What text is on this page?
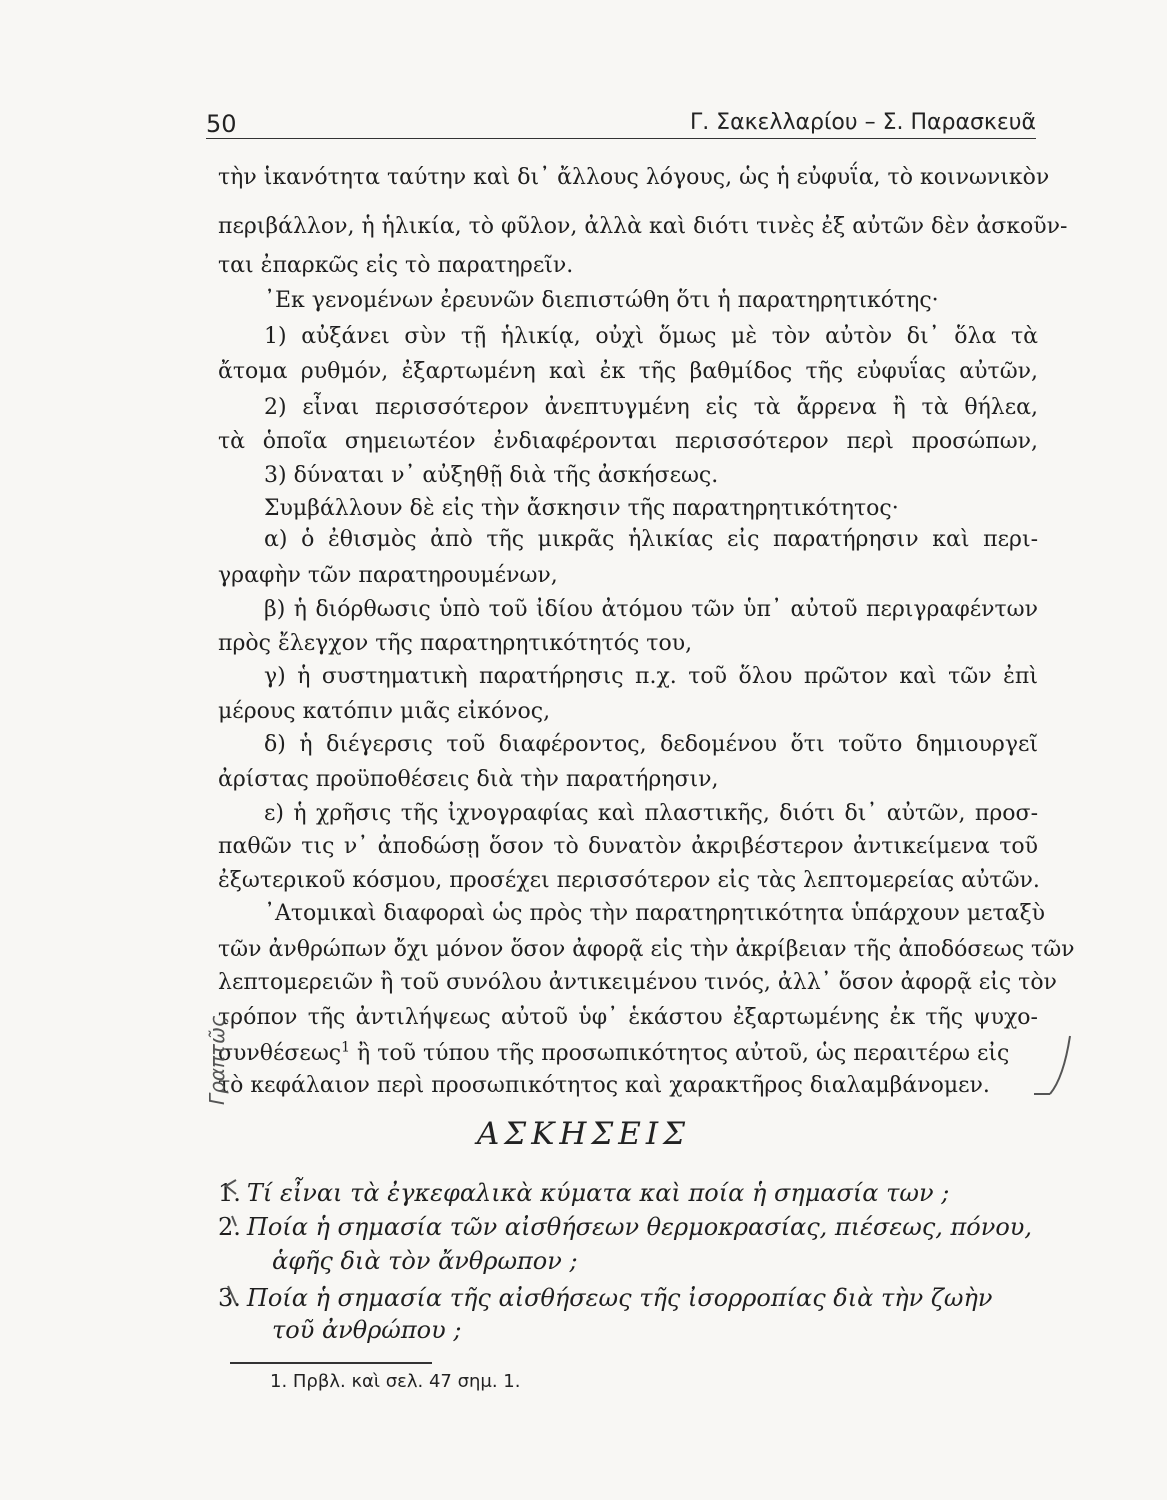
50	Γ. Σακελλαρίου – Σ. Παρασκευᾶ
τὴν ἱκανότητα ταύτην καὶ δι᾽ ἄλλους λόγους, ὡς ἡ εὐφυΐα, τὸ κοινωνικὸν
περιβάλλον, ἡ ἡλικία, τὸ φῦλον, ἀλλὰ καὶ διότι τινὲς ἐξ αὐτῶν δὲν ἀσκοῦν-
ται ἐπαρκῶς εἰς τὸ παρατηρεῖν.
᾽Εκ γενομένων ἐρευνῶν διεπιστώθη ὅτι ἡ παρατηρητικότης·
1) αὐξάνει σὺν τῇ ἡλικίᾳ, οὐχὶ ὅμως μὲ τὸν αὐτὸν δι᾽ ὅλα τὰ
ἄτομα ρυθμόν, ἐξαρτωμένη καὶ ἐκ τῆς βαθμίδος τῆς εὐφυΐας αὐτῶν,
2) εἶναι περισσότερον ἀνεπτυγμένη εἰς τὰ ἄρρενα ἢ τὰ θήλεα,
τὰ ὁποῖα σημειωτέον ἐνδιαφέρονται περισσότερον περὶ προσώπων,
3) δύναται ν᾽ αὐξηθῇ διὰ τῆς ἀσκήσεως.
Συμβάλλουν δὲ εἰς τὴν ἄσκησιν τῆς παρατηρητικότητος·
α) ὁ ἐθισμὸς ἀπὸ τῆς μικρᾶς ἡλικίας εἰς παρατήρησιν καὶ περι-
γραφὴν τῶν παρατηρουμένων,
β) ἡ διόρθωσις ὑπὸ τοῦ ἰδίου ἀτόμου τῶν ὑπ᾽ αὐτοῦ περιγραφέντων
πρὸς ἔλεγχον τῆς παρατηρητικότητός του,
γ) ἡ συστηματικὴ παρατήρησις π.χ. τοῦ ὅλου πρῶτον καὶ τῶν ἐπὶ
μέρους κατόπιν μιᾶς εἰκόνος,
δ) ἡ διέγερσις τοῦ διαφέροντος, δεδομένου ὅτι τοῦτο δημιουργεῖ
ἀρίστας προϋποθέσεις διὰ τὴν παρατήρησιν,
ε) ἡ χρῆσις τῆς ἰχνογραφίας καὶ πλαστικῆς, διότι δι᾽ αὐτῶν, προσ-
παθῶν τις ν᾽ ἀποδώσῃ ὅσον τὸ δυνατὸν ἀκριβέστερον ἀντικείμενα τοῦ
ἐξωτερικοῦ κόσμου, προσέχει περισσότερον εἰς τὰς λεπτομερείας αὐτῶν.
᾽Ατομικαὶ διαφοραὶ ὡς πρὸς τὴν παρατηρητικότητα ὑπάρχουν μεταξὺ
τῶν ἀνθρώπων ὄχι μόνον ὅσον ἀφορᾷ εἰς τὴν ἀκρίβειαν τῆς ἀποδόσεως τῶν
λεπτομερειῶν ἢ τοῦ συνόλου ἀντικειμένου τινός, ἀλλ᾽ ὅσον ἀφορᾷ εἰς τὸν
τρόπον τῆς ἀντιλήψεως αὐτοῦ ὑφ᾽ ἑκάστου ἐξαρτωμένης ἐκ τῆς ψυχο-
συνθέσεως$^1$ ἢ τοῦ τύπου τῆς προσωπικότητος αὐτοῦ, ὡς περαιτέρω εἰς
τὸ κεφάλαιον περὶ προσωπικότητος καὶ χαρακτῆρος διαλαμβάνομεν.
ΑΣΚΗΣΕΙΣ
1. Τί εἶναι τὰ ἐγκεφαλικὰ κύματα καὶ ποία ἡ σημασία των ;
2. Ποία ἡ σημασία τῶν αἰσθήσεων θερμοκρασίας, πιέσεως, πόνου,
ἁφῆς διὰ τὸν ἄνθρωπον ;
3. Ποία ἡ σημασία τῆς αἰσθήσεως τῆς ἰσορροπίας διὰ τὴν ζωὴν
τοῦ ἀνθρώπου ;
1. Πρβλ. καὶ σελ. 47 σημ. 1.
Γραπτῶς
